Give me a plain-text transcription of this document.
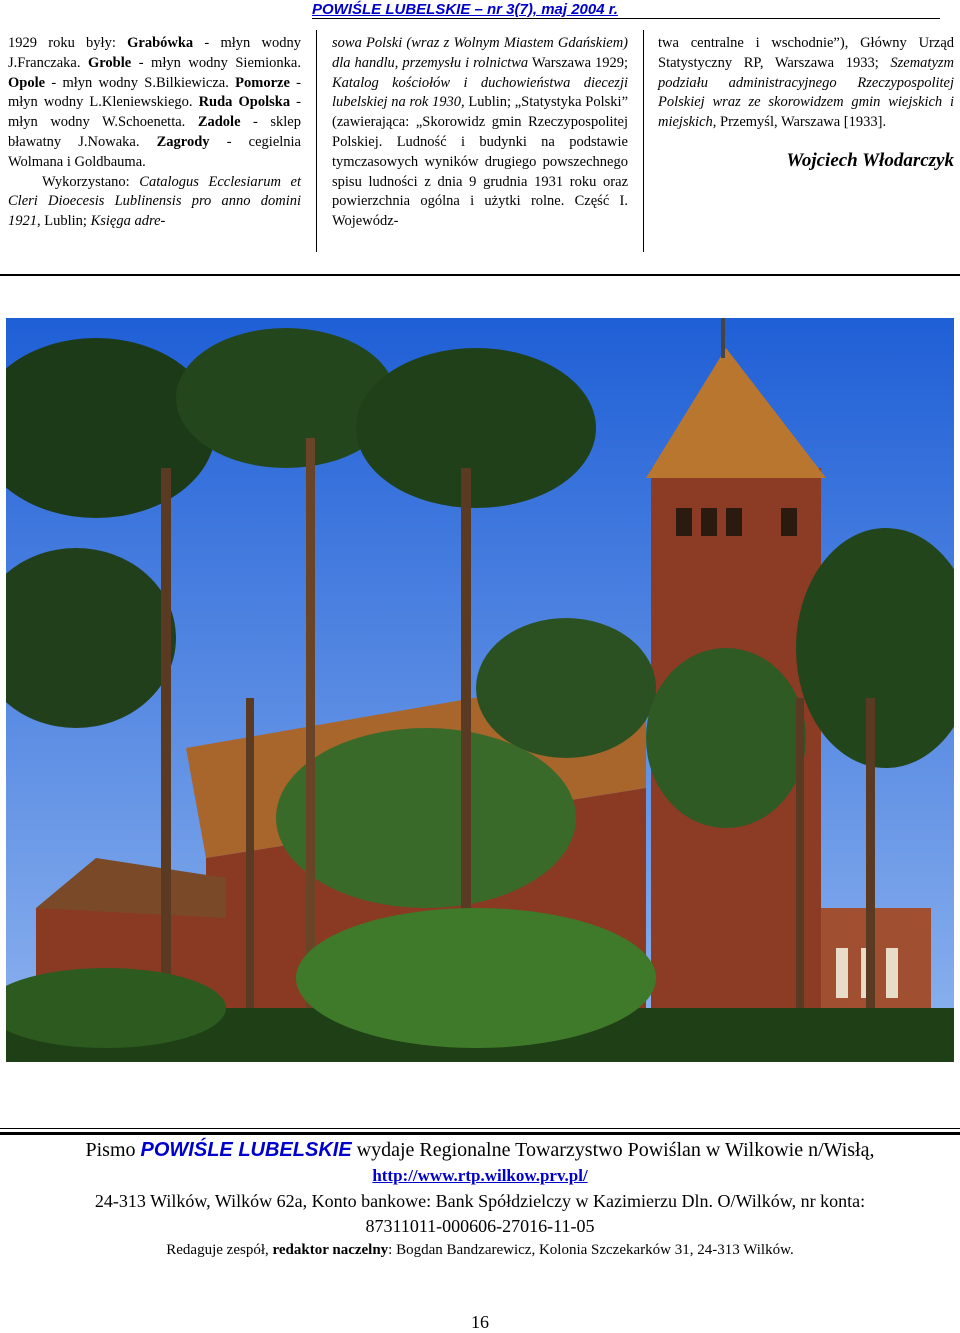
POWIŚLE LUBELSKIE – nr 3(7), maj 2004 r.

1929 roku były: Grabówka - młyn wodny J.Franczaka. Groble - młyn wodny Siemionka. Opole - młyn wodny S.Bilkiewicza. Pomorze - młyn wodny L.Kleniewskiego. Ruda Opolska - młyn wodny W.Schoenetta. Zadole - sklep bławatny J.Nowaka. Zagrody - cegielnia Wolmana i Goldbauma.

Wykorzystano: Catalogus Ecclesiarum et Cleri Dioecesis Lublinensis pro anno domini 1921, Lublin; Księga adre-

sowa Polski (wraz z Wolnym Miastem Gdańskiem) dla handlu, przemysłu i rolnictwa Warszawa 1929; Katalog kościołów i duchowieństwa diecezji lubelskiej na rok 1930, Lublin; „Statystyka Polski” (zawierająca: „Skorowidz gmin Rzeczypospolitej Polskiej. Ludność i budynki na podstawie tymczasowych wyników drugiego powszechnego spisu ludności z dnia 9 grudnia 1931 roku oraz powierzchnia ogólna i użytki rolne. Część I. Wojewódz-

twa centralne i wschodnie”), Główny Urząd Statystyczny RP, Warszawa 1933; Szematyzm podziału administracyjnego Rzeczypospolitej Polskiej wraz ze skorowidzem gmin wiejskich i miejskich, Przemyśl, Warszawa [1933].

Wojciech Włodarczyk

Pismo POWIŚLE LUBELSKIE wydaje Regionalne Towarzystwo Powiślan w Wilkowie n/Wisłą,
http://www.rtp.wilkow.prv.pl/
24-313 Wilków, Wilków 62a, Konto bankowe: Bank Spółdzielczy w Kazimierzu Dln. O/Wilków, nr konta:
87311011-000606-27016-11-05
Redaguje zespół, redaktor naczelny: Bogdan Bandzarewicz, Kolonia Szczekarków 31, 24-313 Wilków.
16
